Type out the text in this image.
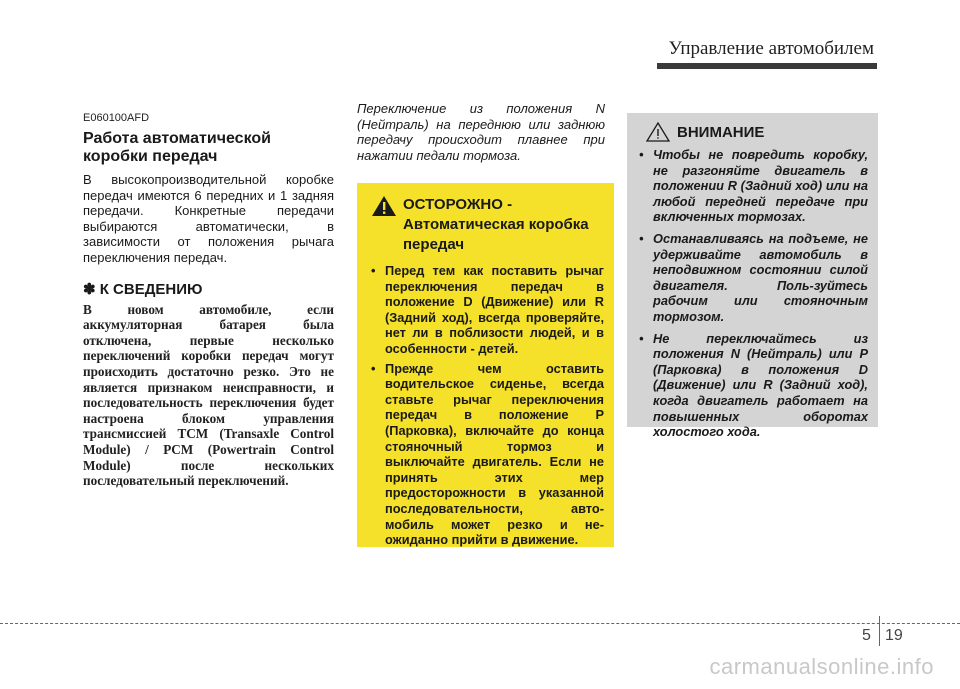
Управление автомобилем
E060100AFD
Работа автоматической коробки передач
В высокопроизводительной коробке передач имеются 6 передних и 1 задняя передачи. Конкретные передачи выбираются автоматически, в зависимости от положения рычага переключения передач.
✽ К СВЕДЕНИЮ
В новом автомобиле, если аккумуляторная батарея была отключена, первые несколько переключений коробки передач могут происходить достаточно резко. Это не является признаком неисправности, и последовательность переключения будет настроена блоком управления трансмиссией TCM (Transaxle Control Module) / PCM (Powertrain Control Module) после нескольких последовательный переключений.
Переключение из положения N (Нейтраль) на переднюю или заднюю передачу происходит плавнее при нажатии педали тормоза.
ОСТОРОЖНО -
Автоматическая коробка передач
• Перед тем как поставить рычаг переключения передач в положение D (Движение) или R (Задний ход), всегда проверяйте, нет ли в поблизости людей, и в особенности - детей.
• Прежде чем оставить водительское сиденье, всегда ставьте рычаг переключения передач в положение P (Парковка), включайте до конца стояночный тормоз и выключайте двигатель. Если не принять этих мер предосторожности в указанной последовательности, авто-мобиль может резко и не-ожиданно прийти в движение.
ВНИМАНИЕ
• Чтобы не повредить коробку, не разгоняйте двигатель в положении R (Задний ход) или на любой передней передаче при включенных тормозах.
• Останавливаясь на подъеме, не удерживайте автомобиль в неподвижном состоянии силой двигателя. Поль-зуйтесь рабочим или стояночным тормозом.
• Не переключайтесь из положения N (Нейтраль) или P (Парковка) в положения D (Движение) или R (Задний ход), когда двигатель работает на повышенных оборотах холостого хода.
5 19
carmanualsonline.info
